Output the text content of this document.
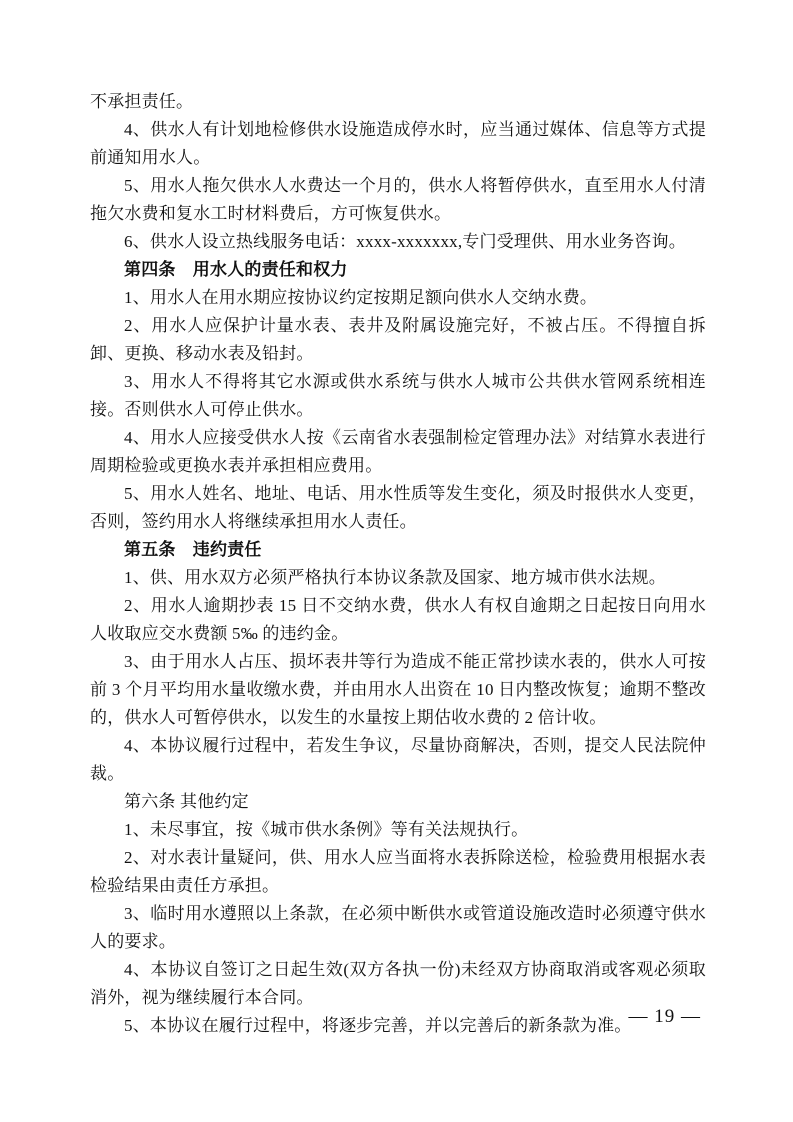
不承担责任。

4、供水人有计划地检修供水设施造成停水时，应当通过媒体、信息等方式提前通知用水人。

5、用水人拖欠供水人水费达一个月的，供水人将暂停供水，直至用水人付清拖欠水费和复水工时材料费后，方可恢复供水。

6、供水人设立热线服务电话：xxxx-xxxxxxx,专门受理供、用水业务咨询。

第四条　用水人的责任和权力

1、用水人在用水期应按协议约定按期足额向供水人交纳水费。

2、用水人应保护计量水表、表井及附属设施完好，不被占压。不得擅自拆卸、更换、移动水表及铅封。

3、用水人不得将其它水源或供水系统与供水人城市公共供水管网系统相连接。否则供水人可停止供水。

4、用水人应接受供水人按《云南省水表强制检定管理办法》对结算水表进行周期检验或更换水表并承担相应费用。

5、用水人姓名、地址、电话、用水性质等发生变化，须及时报供水人变更，否则，签约用水人将继续承担用水人责任。

第五条　违约责任

1、供、用水双方必须严格执行本协议条款及国家、地方城市供水法规。

2、用水人逾期抄表 15 日不交纳水费，供水人有权自逾期之日起按日向用水人收取应交水费额 5‰ 的违约金。

3、由于用水人占压、损坏表井等行为造成不能正常抄读水表的，供水人可按前 3 个月平均用水量收缴水费，并由用水人出资在 10 日内整改恢复；逾期不整改的，供水人可暂停供水，以发生的水量按上期估收水费的 2 倍计收。

4、本协议履行过程中，若发生争议，尽量协商解决，否则，提交人民法院仲裁。

第六条 其他约定

1、未尽事宜，按《城市供水条例》等有关法规执行。

2、对水表计量疑问，供、用水人应当面将水表拆除送检，检验费用根据水表检验结果由责任方承担。

3、临时用水遵照以上条款，在必须中断供水或管道设施改造时必须遵守供水人的要求。

4、本协议自签订之日起生效(双方各执一份)未经双方协商取消或客观必须取消外，视为继续履行本合同。

5、本协议在履行过程中，将逐步完善，并以完善后的新条款为准。

— 19 —
